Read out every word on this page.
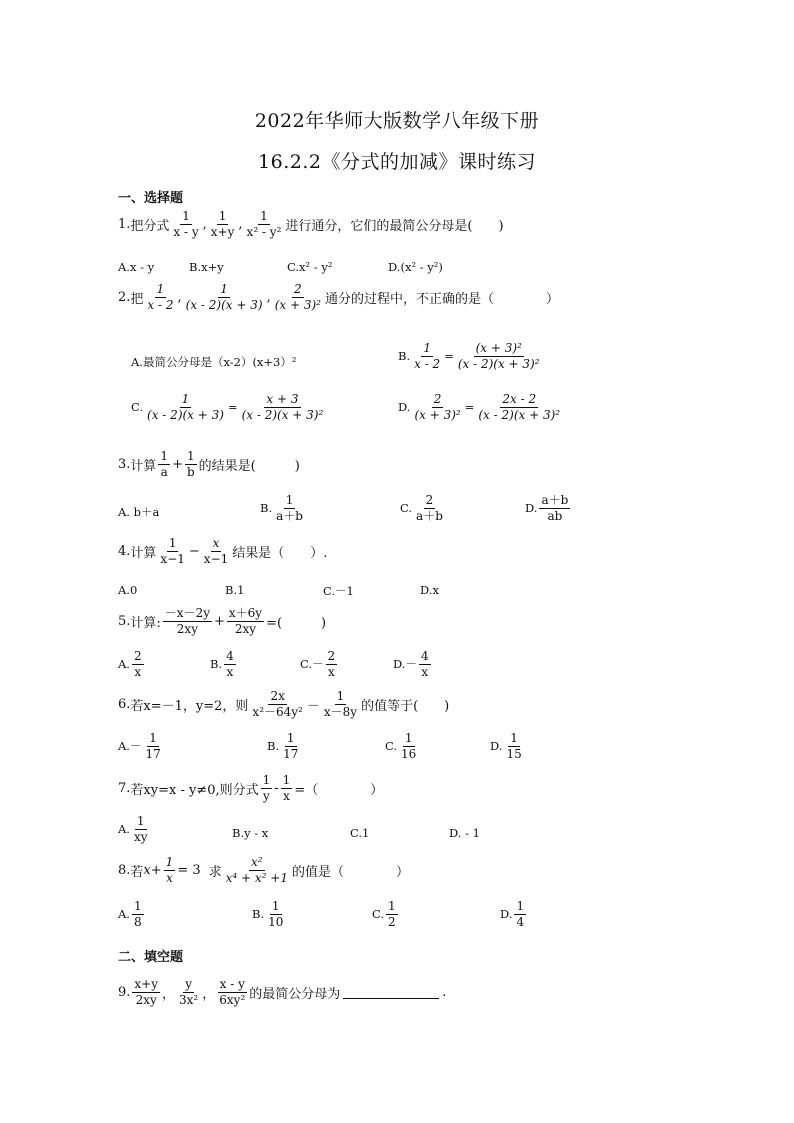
2022年华师大版数学八年级下册
16.2.2《分式的加减》课时练习
一、选择题
1. 把分式 $\frac{1}{x - y}$ , $\frac{1}{x+y}$ , $\frac{1}{\text{x² - y²}}$ 进行通分，它们的最简公分母是(　　)
A.x - y	B.x+y	C.x² - y²	D.(x² - y²)
2. 把 $\frac{1}{x - 2}$ , $\frac{1}{(x - 2)(x + 3)}$ , $\frac{2}{\text{(x + 3)²}}$ 通分的过程中，不正确的是（　　　　）
A.最简公分母是（x-2）(x+3）²	B. $\frac{1}{x - 2} = \frac{\text{(x + 3)²}}{\text{(x - 2)(x + 3)²}}$
C. $\frac{1}{(x - 2)(x + 3)} = \frac{x + 3}{\text{(x - 2)(x + 3)²}}$	D. $\frac{2}{\text{(x + 3)²}} = \frac{2x - 2}{\text{(x - 2)(x + 3)²}}$
3. 计算 $\frac{1}{a} + \frac{1}{b}$ 的结果是(　　　)
A. b＋a	B. $\frac{1}{a+b}$	C. $\frac{2}{a+b}$	D. $\frac{a+b}{ab}$
4. 计算 $\frac{1}{x-1} - \frac{x}{x-1}$ 结果是（　　）.
A.0	B.1	C.－1	D.x
5. 计算: $\frac{-x-2y}{2xy} + \frac{x+6y}{2xy}$ =(　　　)
A. $\frac{2}{x}$	B. $\frac{4}{x}$	C. － $\frac{2}{x}$	D. － $\frac{4}{x}$
6. 若x=－1，y=2，则 $\frac{2x}{\text{x²－64y²}} - \frac{1}{x-8y}$ 的值等于(　　)
A. － $\frac{1}{17}$	B. $\frac{1}{17}$	C. $\frac{1}{16}$	D. $\frac{1}{15}$
7. 若xy=x - y≠0,则分式 $\frac{1}{y} - \frac{1}{x}$ =（　　　　）
A. $\frac{1}{xy}$	B.y - x	C.1	D. - 1
8. 若 $x + \frac{1}{x} = 3$ 求 $\frac{\text{x²}}{\text{x⁴ + x² +1}}$ 的值是（　　　　）
A. $\frac{1}{8}$	B. $\frac{1}{10}$	C. $\frac{1}{2}$	D. $\frac{1}{4}$
二、填空题
9. $\frac{x+y}{2xy}$ ， $\frac{y}{\text{3x²}}$ ， $\frac{x - y}{\text{6xy²}}$ 的最简公分母为	.
